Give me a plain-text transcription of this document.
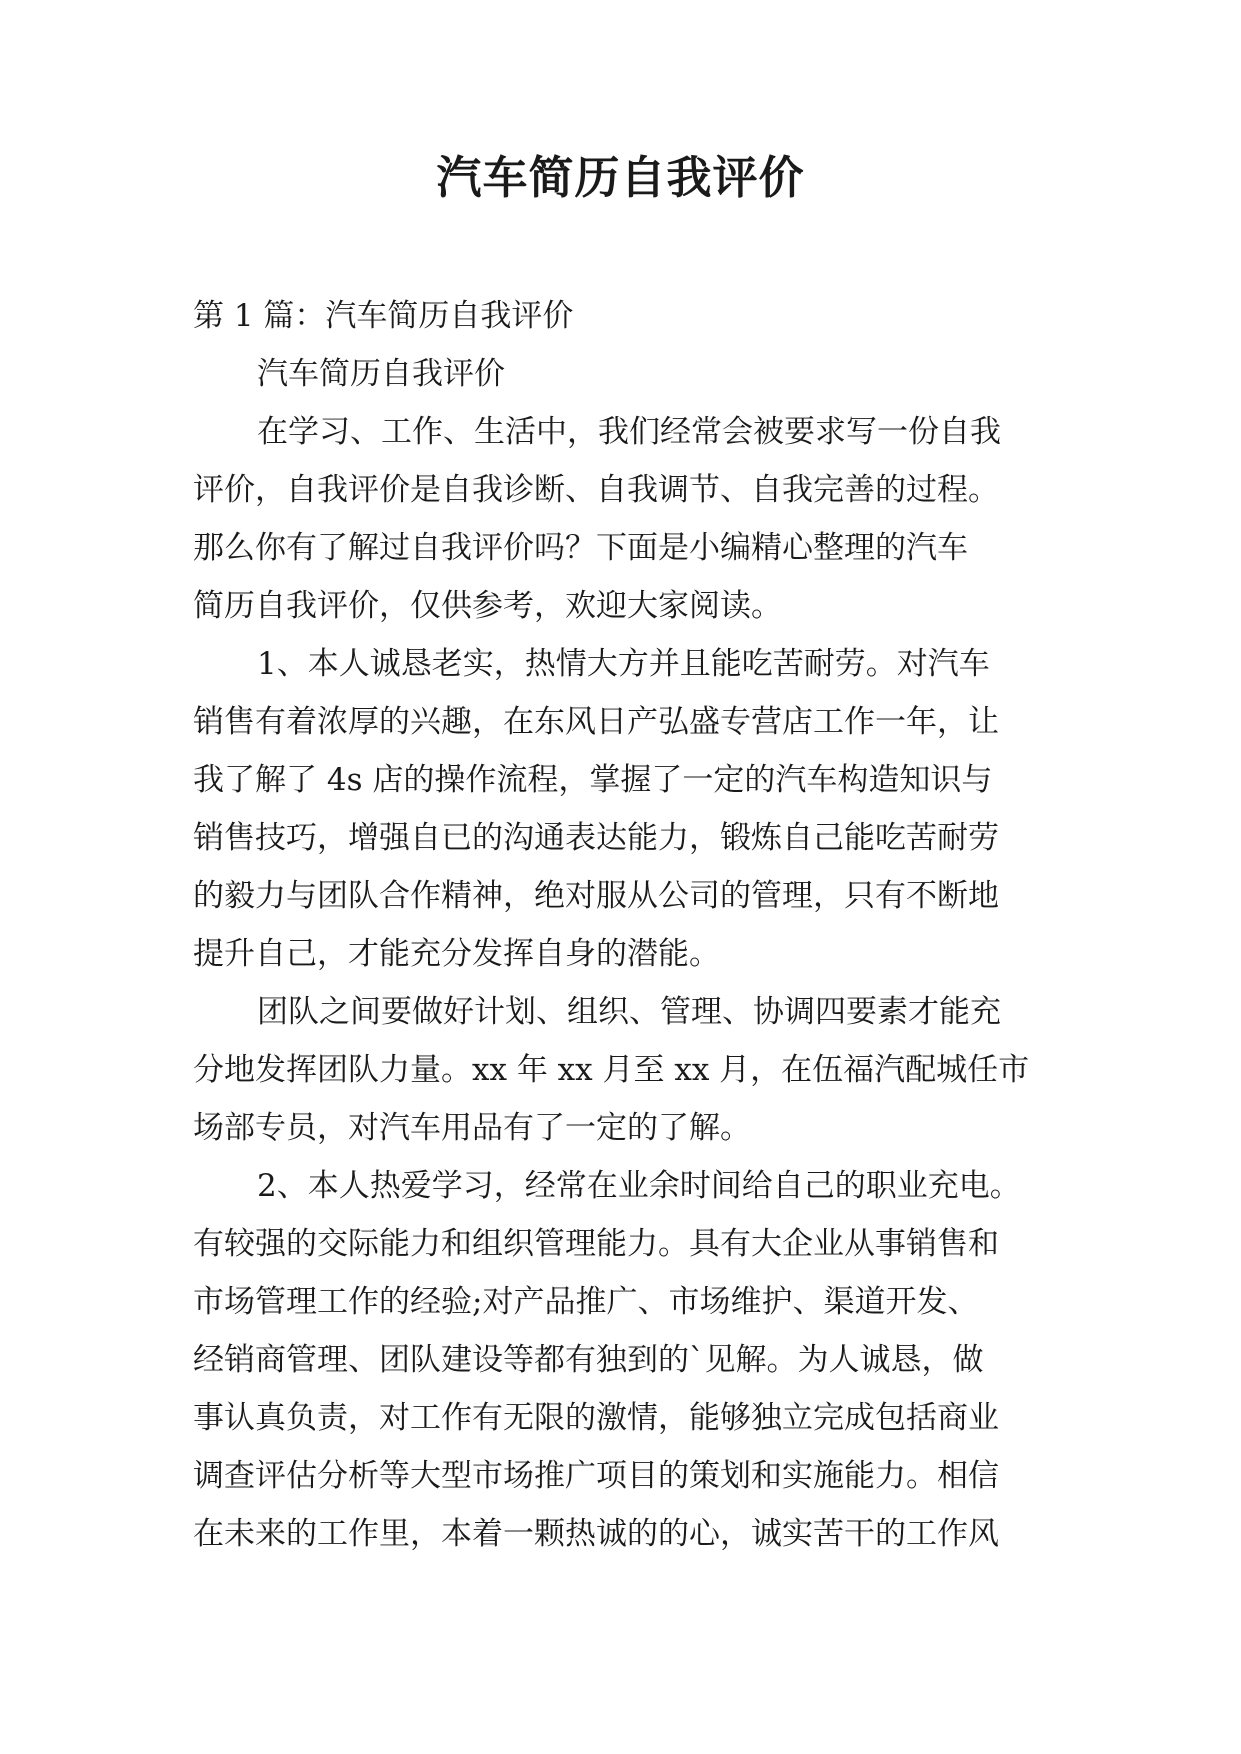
汽车简历自我评价

第 1 篇：汽车简历自我评价

汽车简历自我评价

在学习、工作、生活中，我们经常会被要求写一份自我
评价，自我评价是自我诊断、自我调节、自我完善的过程。
那么你有了解过自我评价吗？下面是小编精心整理的汽车
简历自我评价，仅供参考，欢迎大家阅读。

1、本人诚恳老实，热情大方并且能吃苦耐劳。对汽车
销售有着浓厚的兴趣，在东风日产弘盛专营店工作一年，让
我了解了 4s 店的操作流程，掌握了一定的汽车构造知识与
销售技巧，增强自已的沟通表达能力，锻炼自己能吃苦耐劳
的毅力与团队合作精神，绝对服从公司的管理，只有不断地
提升自己，才能充分发挥自身的潜能。

团队之间要做好计划、组织、管理、协调四要素才能充
分地发挥团队力量。xx 年 xx 月至 xx 月，在伍福汽配城任市
场部专员，对汽车用品有了一定的了解。

2、本人热爱学习，经常在业余时间给自己的职业充电。
有较强的交际能力和组织管理能力。具有大企业从事销售和
市场管理工作的经验;对产品推广、市场维护、渠道开发、
经销商管理、团队建设等都有独到的`见解。为人诚恳，做
事认真负责，对工作有无限的激情，能够独立完成包括商业
调查评估分析等大型市场推广项目的策划和实施能力。相信
在未来的工作里，本着一颗热诚的的心，诚实苦干的工作风
